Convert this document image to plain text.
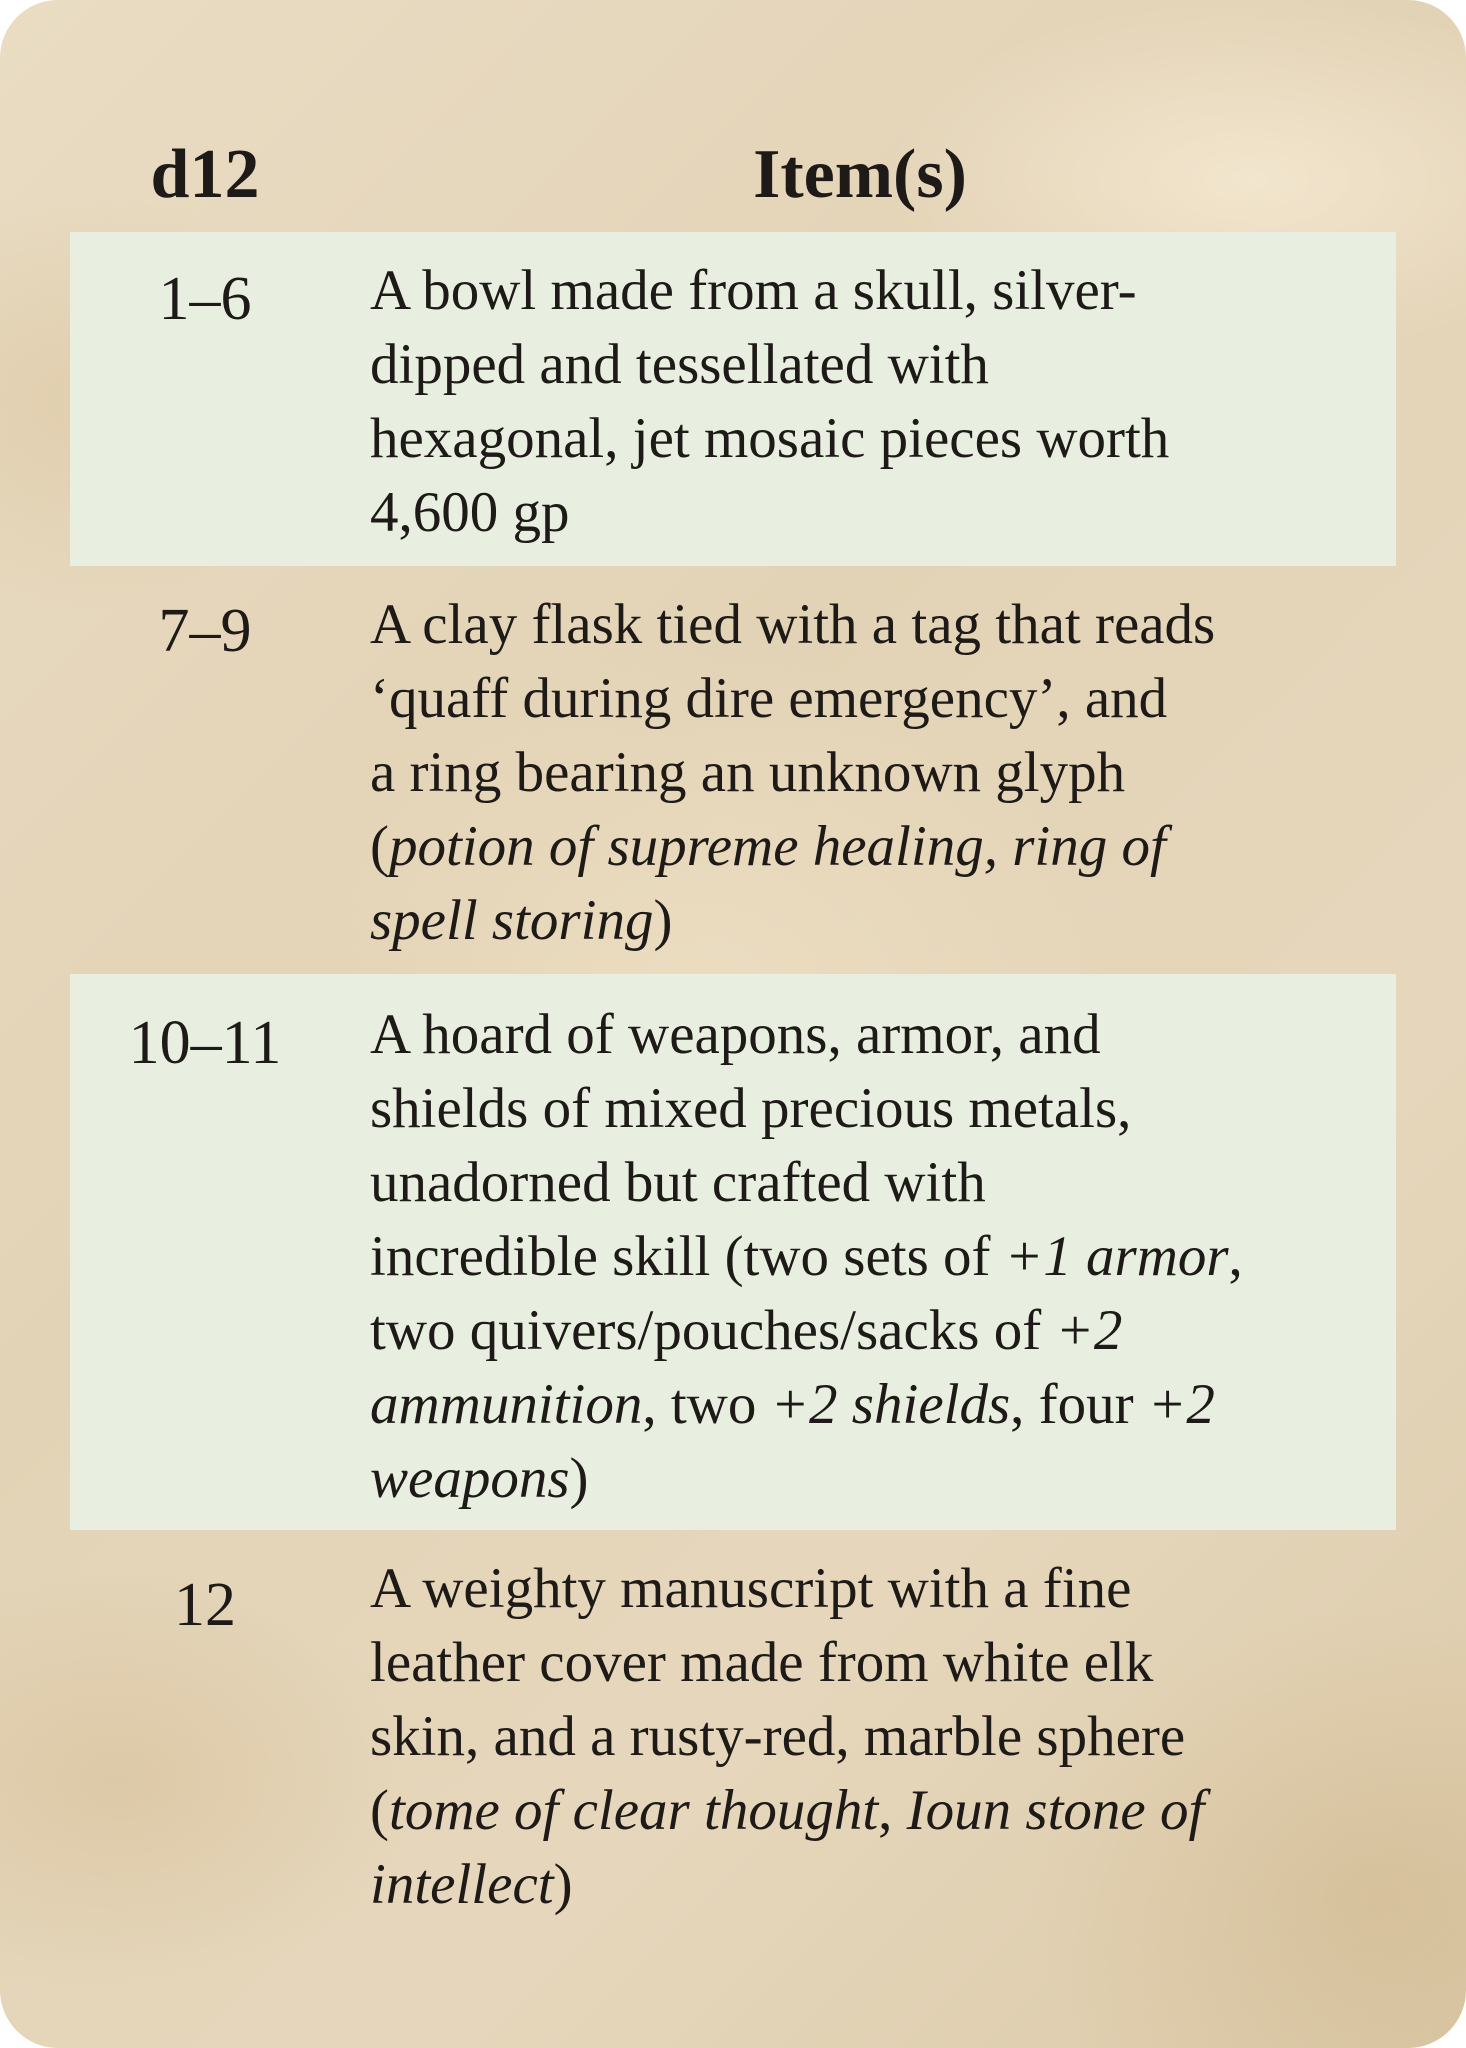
d12	Item(s)
1–6	A bowl made from a skull, silver-
dipped and tessellated with
hexagonal, jet mosaic pieces worth
4,600 gp

7–9	A clay flask tied with a tag that reads
‘quaff during dire emergency’, and
a ring bearing an unknown glyph
(potion of supreme healing, ring of
spell storing)

10–11	A hoard of weapons, armor, and
shields of mixed precious metals,
unadorned but crafted with
incredible skill (two sets of +1 armor,
two quivers/pouches/sacks of +2
ammunition, two +2 shields, four +2
weapons)

12	A weighty manuscript with a fine
leather cover made from white elk
skin, and a rusty-red, marble sphere
(tome of clear thought, Ioun stone of
intellect)
